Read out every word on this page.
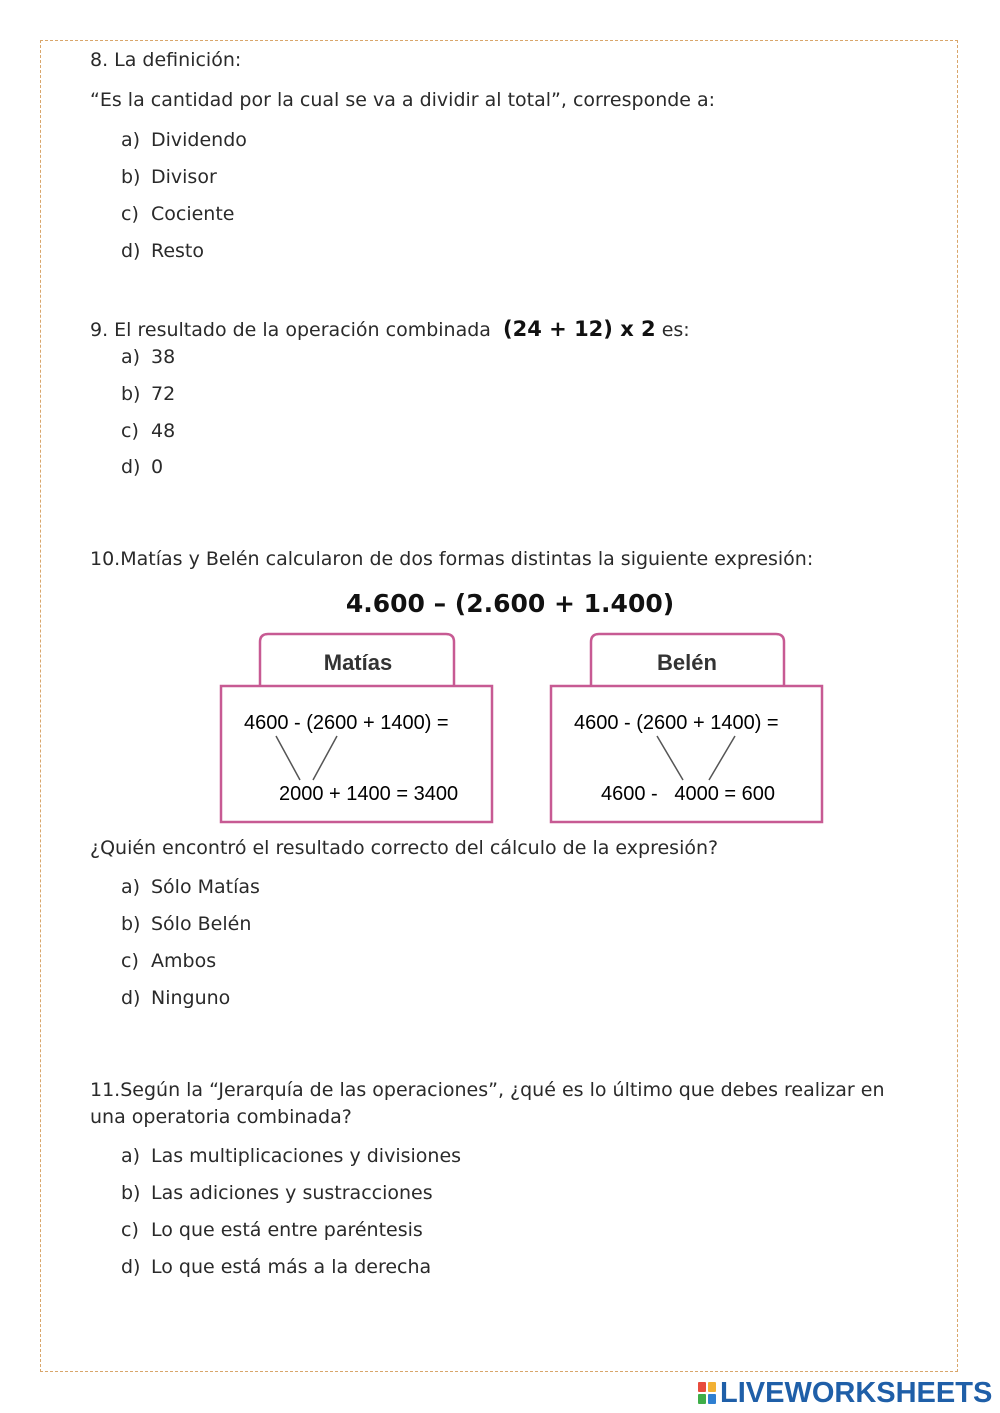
8. La definición:
“Es la cantidad por la cual se va a dividir al total”, corresponde a:
a) Dividendo
b) Divisor
c) Cociente
d) Resto
9. El resultado de la operación combinada (24 + 12) x 2 es:
a) 38
b) 72
c) 48
d) 0
10.Matías y Belén calcularon de dos formas distintas la siguiente expresión:
4.600 – (2.600 + 1.400)
Matías
4600 - (2600 + 1400) =
2000 + 1400 = 3400
Belén
4600 - (2600 + 1400) =
4600 -   4000 = 600
¿Quién encontró el resultado correcto del cálculo de la expresión?
a) Sólo Matías
b) Sólo Belén
c) Ambos
d) Ninguno
11.Según la “Jerarquía de las operaciones”, ¿qué es lo último que debes realizar en
una operatoria combinada?
a) Las multiplicaciones y divisiones
b) Las adiciones y sustracciones
c) Lo que está entre paréntesis
d) Lo que está más a la derecha
LIVEWORKSHEETS
